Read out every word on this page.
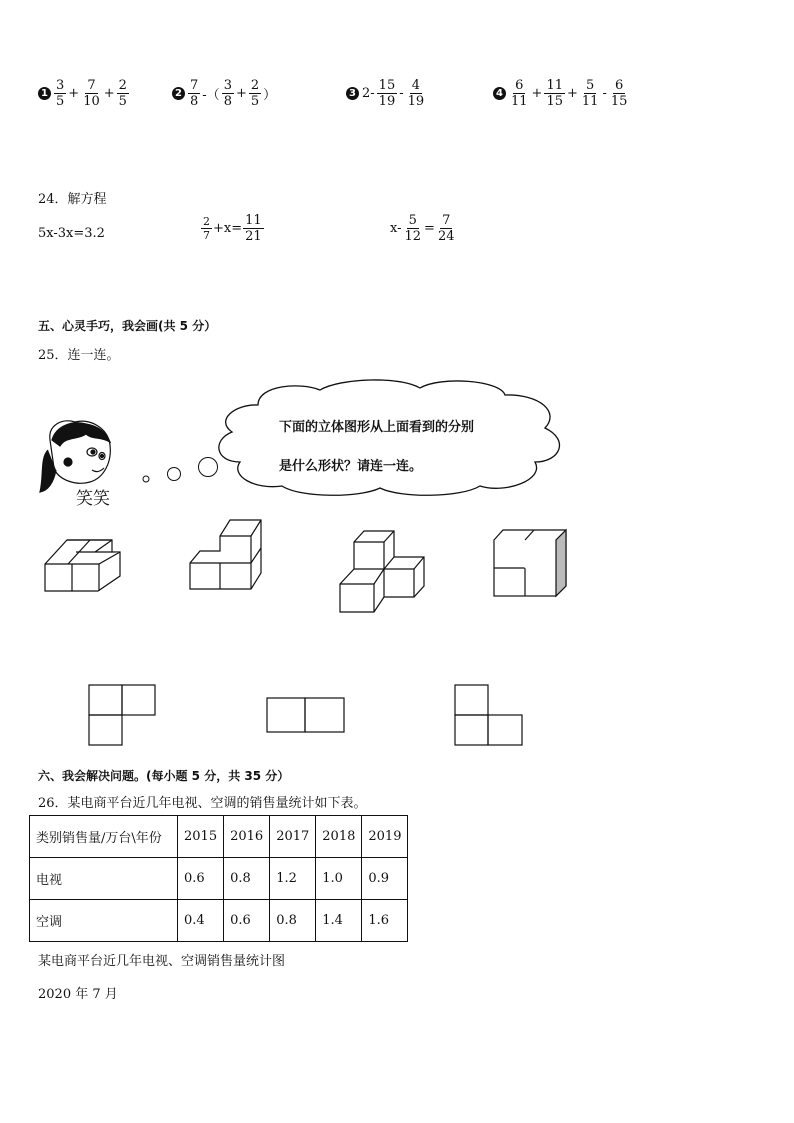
$1 \frac{3}{5} + \frac{7}{10} + \frac{2}{5}$	$2 \frac{7}{8}$ -（ $\frac{3}{8} + \frac{2}{5}$ ）	3 $2- \frac{15}{19} - \frac{4}{19}$	$4 \frac{6}{11} + \frac{11}{15} + \frac{5}{11} - \frac{6}{15}$
24．解方程
5x-3x=3.2	$\frac{2}{7} +x= \frac{11}{21}$	$x- \frac{5}{12} = \frac{7}{24}$
五、心灵手巧，我会画(共 5 分）
25．连一连。
笑笑
下面的立体图形从上面看到的分别
是什么形状？请连一连。
六、我会解决问题。(每小题 5 分，共 35 分）
26．某电商平台近几年电视、空调的销售量统计如下表。
类别销售量/万台\年份	2015	2016	2017	2018	2019
电视	0.6	0.8	1.2	1.0	0.9
空调	0.4	0.6	0.8	1.4	1.6
某电商平台近几年电视、空调销售量统计图
2020 年 7 月
